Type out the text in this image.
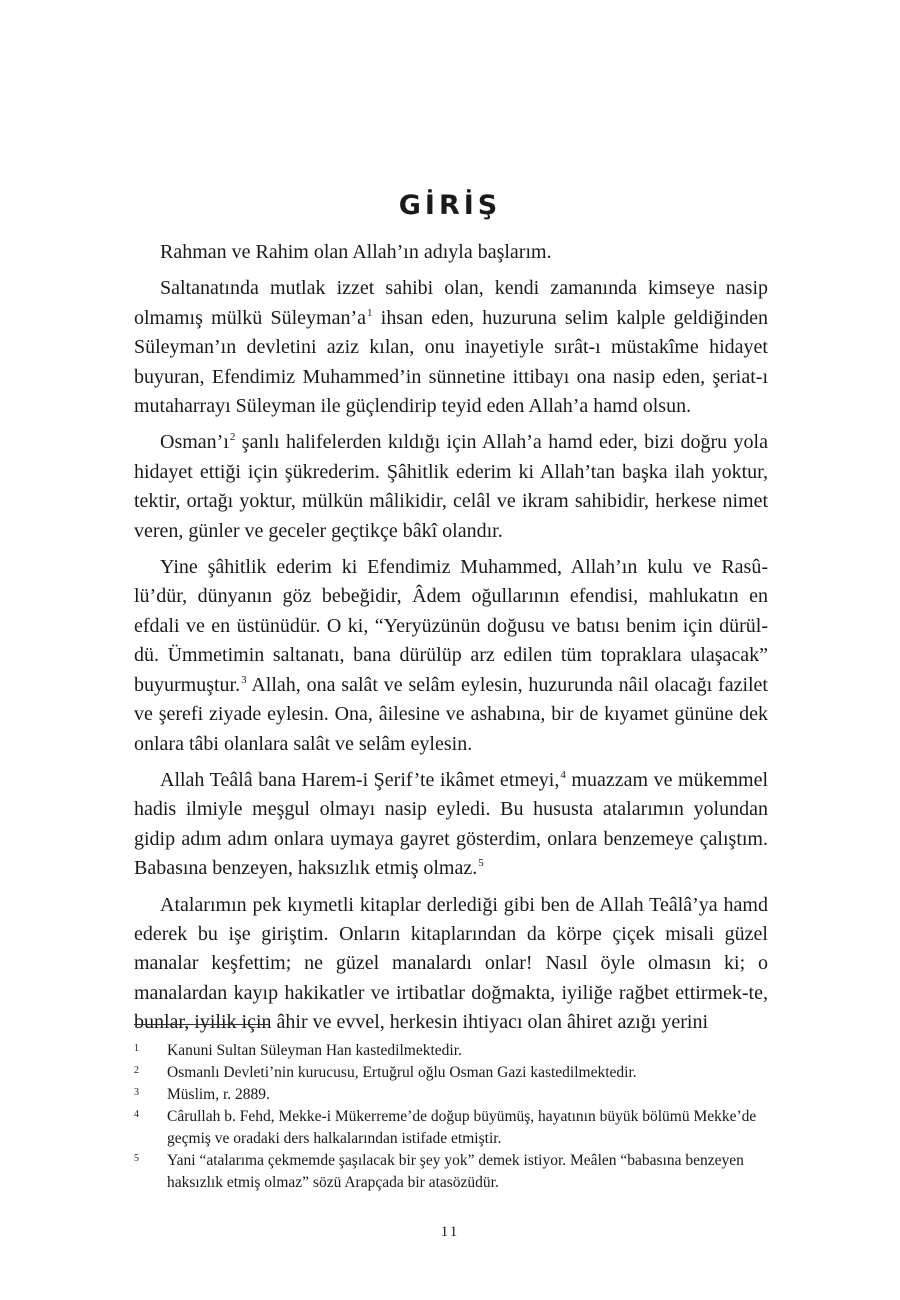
GİRİŞ

Rahman ve Rahim olan Allah’ın adıyla başlarım.

Saltanatında mutlak izzet sahibi olan, kendi zamanında kimseye nasip olmamış mülkü Süleyman’a$^1$ ihsan eden, huzuruna selim kalple geldiğinden Süleyman’ın devletini aziz kılan, onu inayetiyle sırât-ı müstakîme hidayet buyuran, Efendimiz Muhammed’in sünnetine ittibayı ona nasip eden, şeriat-ı mutaharrayı Süleyman ile güçlendirip teyid eden Allah’a hamd olsun.

Osman’ı$^2$ şanlı halifelerden kıldığı için Allah’a hamd eder, bizi doğru yola hidayet ettiği için şükrederim. Şâhitlik ederim ki Allah’tan başka ilah yoktur, tektir, ortağı yoktur, mülkün mâlikidir, celâl ve ikram sahibidir, herkese nimet veren, günler ve geceler geçtikçe bâkî olandır.

Yine şâhitlik ederim ki Efendimiz Muhammed, Allah’ın kulu ve Rasû-lü’dür, dünyanın göz bebeğidir, Âdem oğullarının efendisi, mahlukatın en efdali ve en üstünüdür. O ki, “Yeryüzünün doğusu ve batısı benim için dürül-dü. Ümmetimin saltanatı, bana dürülüp arz edilen tüm topraklara ulaşacak” buyurmuştur.$^3$ Allah, ona salât ve selâm eylesin, huzurunda nâil olacağı fazilet ve şerefi ziyade eylesin. Ona, âilesine ve ashabına, bir de kıyamet gününe dek onlara tâbi olanlara salât ve selâm eylesin.

Allah Teâlâ bana Harem-i Şerif’te ikâmet etmeyi,$^4$ muazzam ve mükemmel hadis ilmiyle meşgul olmayı nasip eyledi. Bu hususta atalarımın yolundan gidip adım adım onlara uymaya gayret gösterdim, onlara benzemeye çalıştım. Babasına benzeyen, haksızlık etmiş olmaz.$^5$

Atalarımın pek kıymetli kitaplar derlediği gibi ben de Allah Teâlâ’ya hamd ederek bu işe giriştim. Onların kitaplarından da körpe çiçek misali güzel manalar keşfettim; ne güzel manalardı onlar! Nasıl öyle olmasın ki; o manalardan kayıp hakikatler ve irtibatlar doğmakta, iyiliğe rağbet ettirmek-te, bunlar, iyilik için âhir ve evvel, herkesin ihtiyacı olan âhiret azığı yerini

1	Kanuni Sultan Süleyman Han kastedilmektedir.
2	Osmanlı Devleti’nin kurucusu, Ertuğrul oğlu Osman Gazi kastedilmektedir.
3	Müslim, r. 2889.
4	Cârullah b. Fehd, Mekke-i Mükerreme’de doğup büyümüş, hayatının büyük bölümü Mekke’de geçmiş ve oradaki ders halkalarından istifade etmiştir.
5	Yani “atalarıma çekmemde şaşılacak bir şey yok” demek istiyor. Meâlen “babasına benzeyen haksızlık etmiş olmaz” sözü Arapçada bir atasözüdür.
11
